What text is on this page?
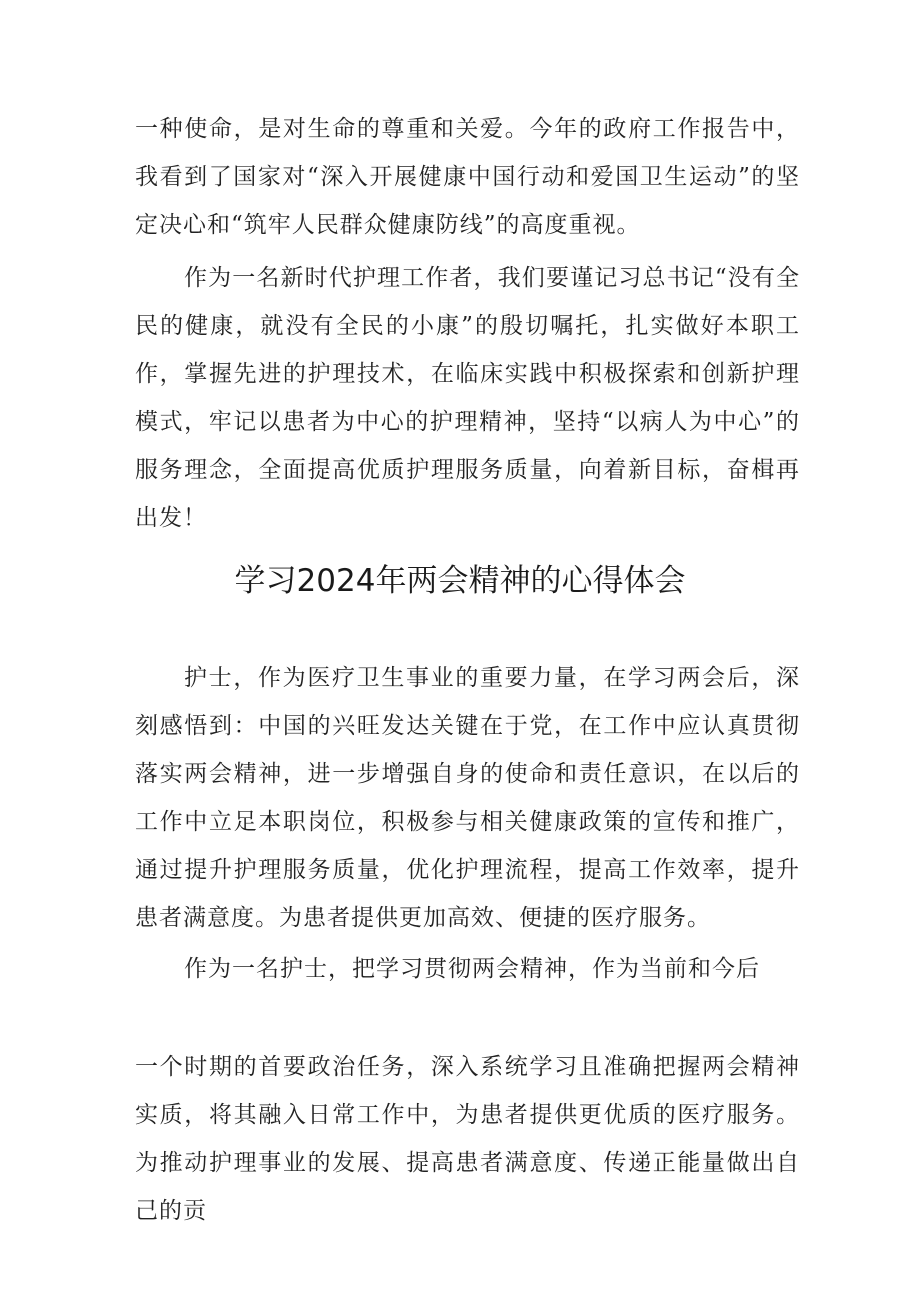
一种使命，是对生命的尊重和关爱。今年的政府工作报告中，我看到了国家对“深入开展健康中国行动和爱国卫生运动”的坚定决心和“筑牢人民群众健康防线”的高度重视。

作为一名新时代护理工作者，我们要谨记习总书记“没有全民的健康，就没有全民的小康”的殷切嘱托，扎实做好本职工作，掌握先进的护理技术，在临床实践中积极探索和创新护理模式，牢记以患者为中心的护理精神，坚持“以病人为中心”的服务理念，全面提高优质护理服务质量，向着新目标，奋楫再出发！

学习2024年两会精神的心得体会

护士，作为医疗卫生事业的重要力量，在学习两会后，深刻感悟到：中国的兴旺发达关键在于党，在工作中应认真贯彻落实两会精神，进一步增强自身的使命和责任意识，在以后的工作中立足本职岗位，积极参与相关健康政策的宣传和推广，通过提升护理服务质量，优化护理流程，提高工作效率，提升患者满意度。为患者提供更加高效、便捷的医疗服务。

作为一名护士，把学习贯彻两会精神，作为当前和今后

一个时期的首要政治任务，深入系统学习且准确把握两会精神实质，将其融入日常工作中，为患者提供更优质的医疗服务。为推动护理事业的发展、提高患者满意度、传递正能量做出自己的贡
